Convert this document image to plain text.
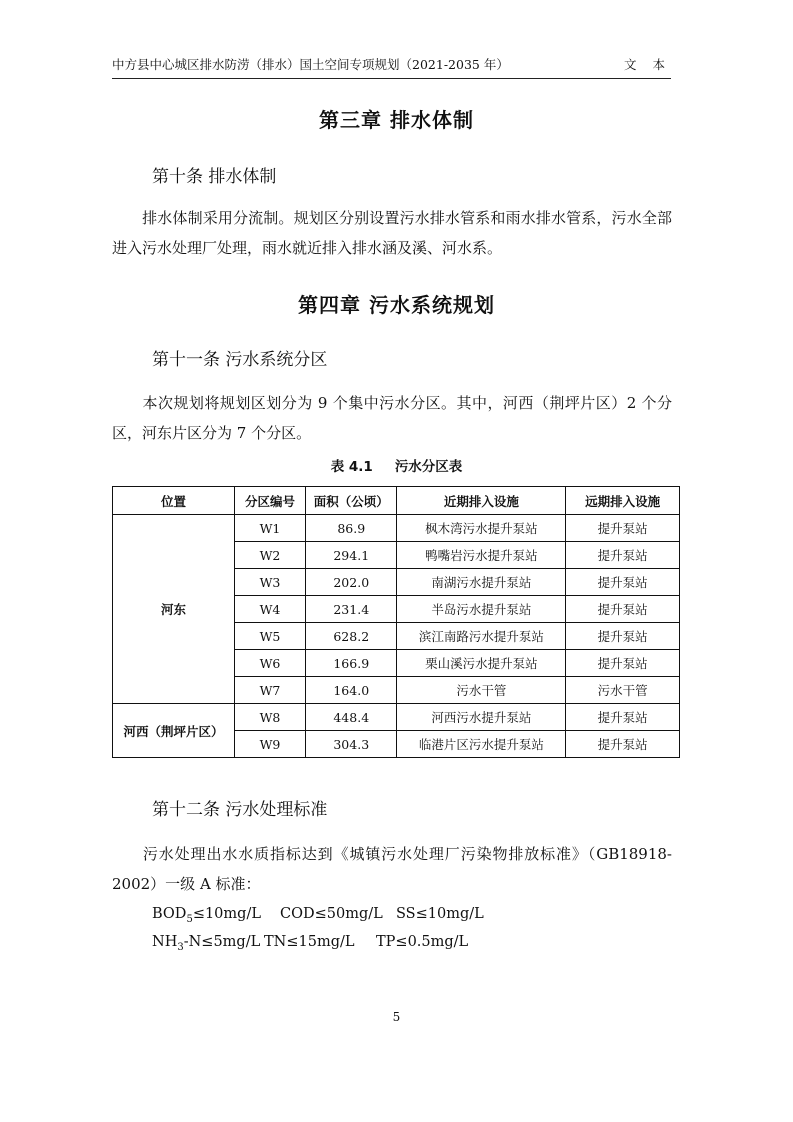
中方县中心城区排水防涝（排水）国土空间专项规划（2021-2035 年）	文 本
第三章 排水体制
第十条 排水体制
排水体制采用分流制。规划区分别设置污水排水管系和雨水排水管系，污水全部进入污水处理厂处理，雨水就近排入排水涵及溪、河水系。
第四章 污水系统规划
第十一条 污水系统分区
本次规划将规划区划分为 9 个集中污水分区。其中，河西（荆坪片区）2 个分区，河东片区分为 7 个分区。
表 4.1 污水分区表
位置	分区编号	面积（公顷）	近期排入设施	远期排入设施
河东	W1	86.9	枫木湾污水提升泵站	提升泵站
	W2	294.1	鸭嘴岩污水提升泵站	提升泵站
	W3	202.0	南湖污水提升泵站	提升泵站
	W4	231.4	半岛污水提升泵站	提升泵站
	W5	628.2	滨江南路污水提升泵站	提升泵站
	W6	166.9	栗山溪污水提升泵站	提升泵站
	W7	164.0	污水干管	污水干管
河西（荆坪片区）	W8	448.4	河西污水提升泵站	提升泵站
	W9	304.3	临港片区污水提升泵站	提升泵站
第十二条 污水处理标准
污水处理出水水质指标达到《城镇污水处理厂污染物排放标准》（GB18918-2002）一级 A 标准：
$BOD_5\le 10mg/L$ COD≤50mg/L SS≤10mg/L
$NH_3-N\le 5mg/L$ TN≤15mg/L TP≤0.5mg/L
5
